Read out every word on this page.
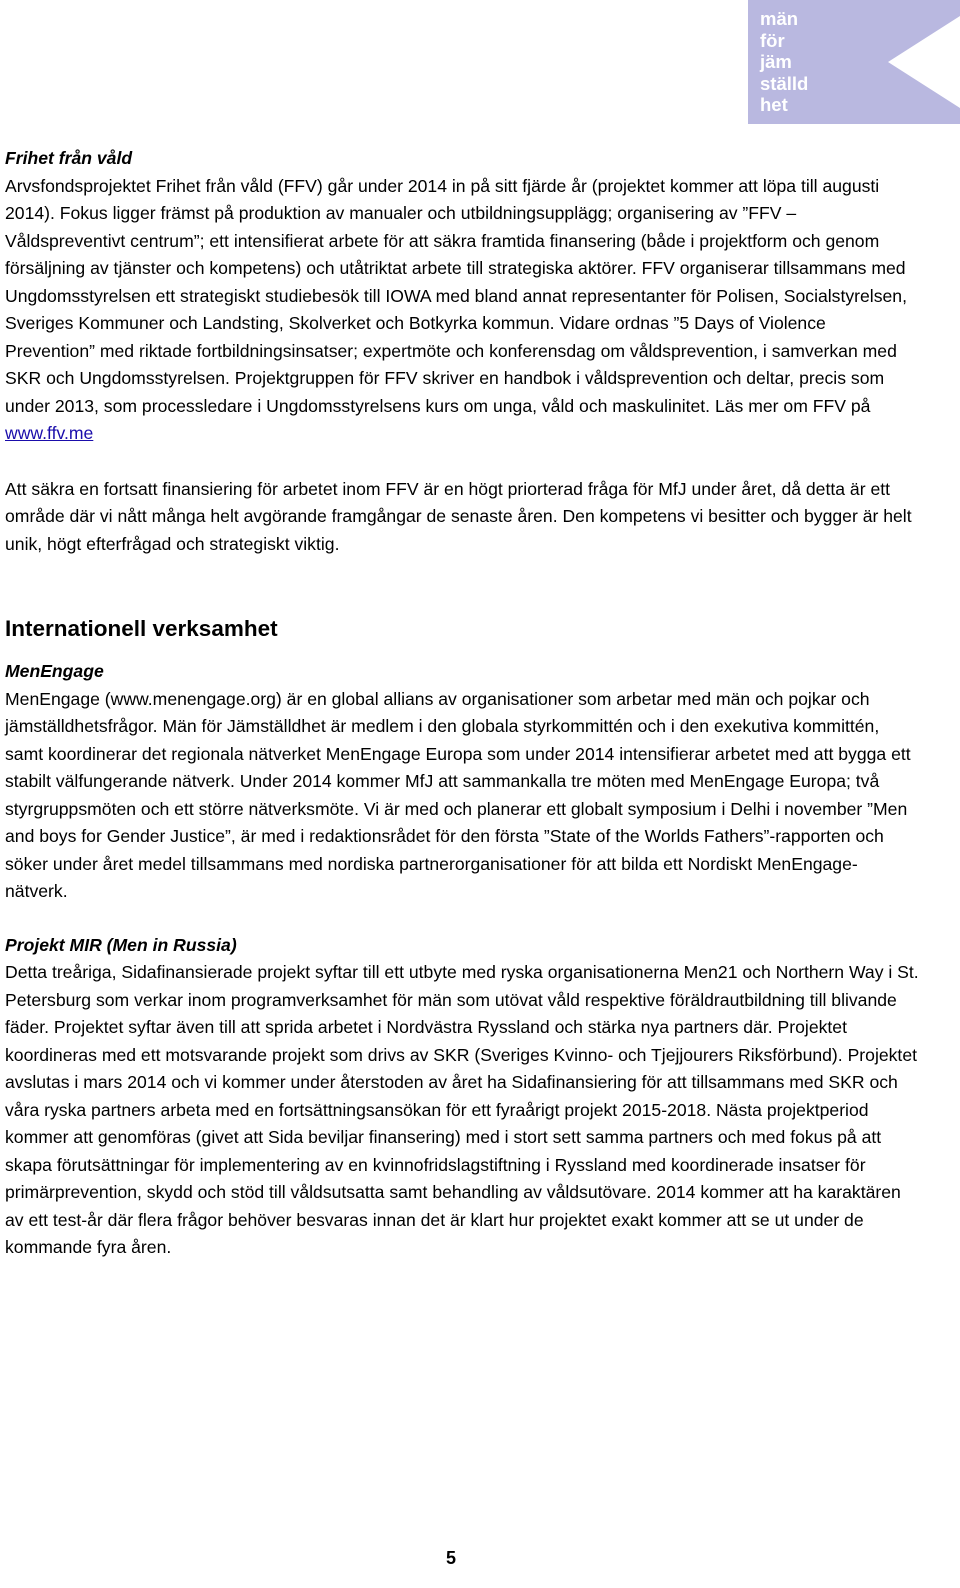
män
för
jäm
ställd
het
Frihet från våld
Arvsfondsprojektet Frihet från våld (FFV) går under 2014 in på sitt fjärde år (projektet kommer att löpa till augusti 2014). Fokus ligger främst på produktion av manualer och utbildningsupplägg; organisering av ”FFV – Våldspreventivt centrum”; ett intensifierat arbete för att säkra framtida finansering (både i projektform och genom försäljning av tjänster och kompetens) och utåtriktat arbete till strategiska aktörer. FFV organiserar tillsammans med Ungdomsstyrelsen ett strategiskt studiebesök till IOWA med bland annat representanter för Polisen, Socialstyrelsen, Sveriges Kommuner och Landsting, Skolverket och Botkyrka kommun. Vidare ordnas ”5 Days of Violence Prevention” med riktade fortbildningsinsatser; expertmöte och konferensdag om våldsprevention, i samverkan med SKR och Ungdomsstyrelsen. Projektgruppen för FFV skriver en handbok i våldsprevention och deltar, precis som under 2013, som processledare i Ungdomsstyrelsens kurs om unga, våld och maskulinitet. Läs mer om FFV på www.ffv.me

Att säkra en fortsatt finansiering för arbetet inom FFV är en högt priorterad fråga för MfJ under året, då detta är ett område där vi nått många helt avgörande framgångar de senaste åren. Den kompetens vi besitter och bygger är helt unik, högt efterfrågad och strategiskt viktig.

Internationell verksamhet
MenEngage

MenEngage (www.menengage.org) är en global allians av organisationer som arbetar med män och pojkar och jämställdhetsfrågor. Män för Jämställdhet är medlem i den globala styrkommittén och i den exekutiva kommittén, samt koordinerar det regionala nätverket MenEngage Europa som under 2014 intensifierar arbetet med att bygga ett stabilt välfungerande nätverk. Under 2014 kommer MfJ att sammankalla tre möten med MenEngage Europa; två styrgruppsmöten och ett större nätverksmöte. Vi är med och planerar ett globalt symposium i Delhi i november ”Men and boys for Gender Justice”, är med i redaktionsrådet för den första ”State of the Worlds Fathers”-rapporten och söker under året medel tillsammans med nordiska partnerorganisationer för att bilda ett Nordiskt MenEngage-nätverk.

Projekt MIR (Men in Russia)

Detta treåriga, Sidafinansierade projekt syftar till ett utbyte med ryska organisationerna Men21 och Northern Way i St. Petersburg som verkar inom programverksamhet för män som utövat våld respektive föräldrautbildning till blivande fäder. Projektet syftar även till att sprida arbetet i Nordvästra Ryssland och stärka nya partners där. Projektet koordineras med ett motsvarande projekt som drivs av SKR (Sveriges Kvinno- och Tjejjourers Riksförbund). Projektet avslutas i mars 2014 och vi kommer under återstoden av året ha Sidafinansiering för att tillsammans med SKR och våra ryska partners arbeta med en fortsättningsansökan för ett fyraårigt projekt 2015-2018. Nästa projektperiod kommer att genomföras (givet att Sida beviljar finansering) med i stort sett samma partners och med fokus på att skapa förutsättningar för implementering av en kvinnofridslagstiftning i Ryssland med koordinerade insatser för primärprevention, skydd och stöd till våldsutsatta samt behandling av våldsutövare. 2014 kommer att ha karaktären av ett test-år där flera frågor behöver besvaras innan det är klart hur projektet exakt kommer att se ut under de kommande fyra åren.

5
